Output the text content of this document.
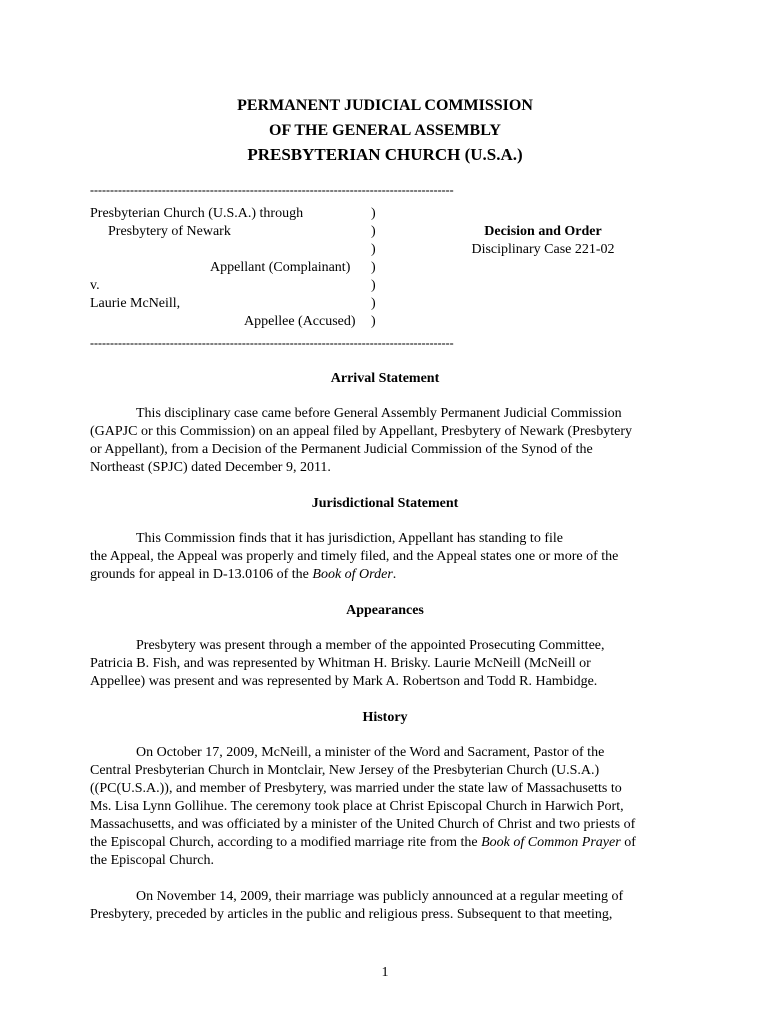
PERMANENT JUDICIAL COMMISSION
OF THE GENERAL ASSEMBLY
PRESBYTERIAN CHURCH (U.S.A.)
-------------------------------------------------------------------------------------------
Presbyterian Church (U.S.A.) through
Presbytery of Newark
Appellant (Complainant)
v.
Laurie McNeill,
Appellee (Accused)
)
)
)
)
)
)
)
Decision and Order
Disciplinary Case 221-02
-------------------------------------------------------------------------------------------
Arrival Statement
This disciplinary case came before General Assembly Permanent Judicial Commission
(GAPJC or this Commission) on an appeal filed by Appellant, Presbytery of Newark (Presbytery
or Appellant), from a Decision of the Permanent Judicial Commission of the Synod of the
Northeast (SPJC) dated December 9, 2011.
Jurisdictional Statement
This Commission finds that it has jurisdiction, Appellant has standing to file
the Appeal, the Appeal was properly and timely filed, and the Appeal states one or more of the
grounds for appeal in D-13.0106 of the Book of Order.
Appearances
Presbytery was present through a member of the appointed Prosecuting Committee,
Patricia B. Fish, and was represented by Whitman H. Brisky. Laurie McNeill (McNeill or
Appellee) was present and was represented by Mark A. Robertson and Todd R. Hambidge.
History
On October 17, 2009, McNeill, a minister of the Word and Sacrament, Pastor of the
Central Presbyterian Church in Montclair, New Jersey of the Presbyterian Church (U.S.A.)
((PC(U.S.A.)), and member of Presbytery, was married under the state law of Massachusetts to
Ms. Lisa Lynn Gollihue. The ceremony took place at Christ Episcopal Church in Harwich Port,
Massachusetts, and was officiated by a minister of the United Church of Christ and two priests of
the Episcopal Church, according to a modified marriage rite from the Book of Common Prayer of
the Episcopal Church.
On November 14, 2009, their marriage was publicly announced at a regular meeting of
Presbytery, preceded by articles in the public and religious press. Subsequent to that meeting,
1
